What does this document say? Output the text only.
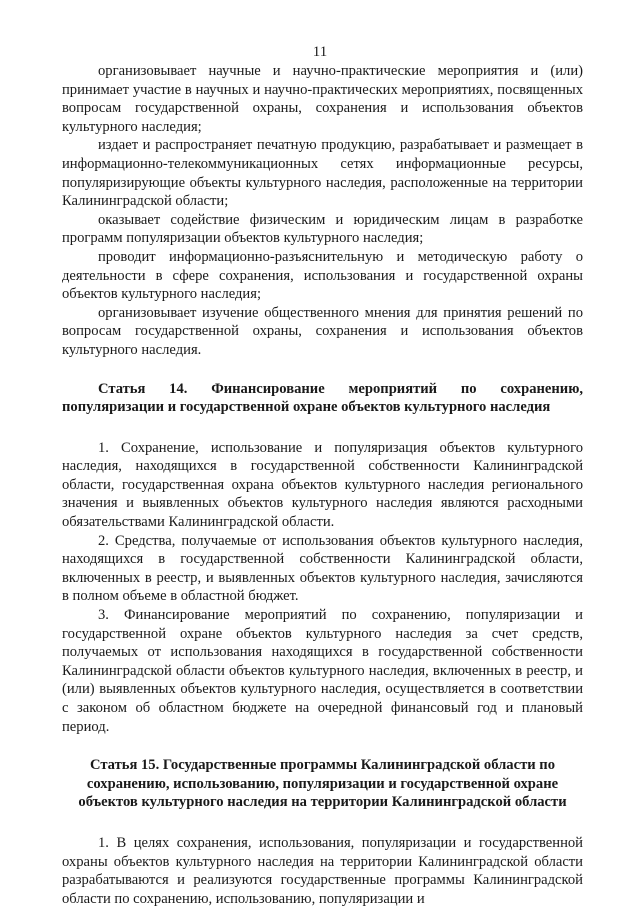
11

организовывает научные и научно-практические мероприятия и (или) принимает участие в научных и научно-практических мероприятиях, посвященных вопросам государственной охраны, сохранения и использования объектов культурного наследия;

издает и распространяет печатную продукцию, разрабатывает и размещает в информационно-телекоммуникационных сетях информационные ресурсы, популяризирующие объекты культурного наследия, расположенные на территории Калининградской области;

оказывает содействие физическим и юридическим лицам в разработке программ популяризации объектов культурного наследия;

проводит информационно-разъяснительную и методическую работу о деятельности в сфере сохранения, использования и государственной охраны объектов культурного наследия;

организовывает изучение общественного мнения для принятия решений по вопросам государственной охраны, сохранения и использования объектов культурного наследия.

Статья 14. Финансирование мероприятий по сохранению, популяризации и государственной охране объектов культурного наследия

1. Сохранение, использование и популяризация объектов культурного наследия, находящихся в государственной собственности Калининградской области, государственная охрана объектов культурного наследия регионального значения и выявленных объектов культурного наследия являются расходными обязательствами Калининградской области.

2. Средства, получаемые от использования объектов культурного наследия, находящихся в государственной собственности Калининградской области, включенных в реестр, и выявленных объектов культурного наследия, зачисляются в полном объеме в областной бюджет.

3. Финансирование мероприятий по сохранению, популяризации и государственной охране объектов культурного наследия за счет средств, получаемых от использования находящихся в государственной собственности Калининградской области объектов культурного наследия, включенных в реестр, и (или) выявленных объектов культурного наследия, осуществляется в соответствии с законом об областном бюджете на очередной финансовый год и плановый период.

Статья 15. Государственные программы Калининградской области по сохранению, использованию, популяризации и государственной охране объектов культурного наследия на территории Калининградской области

1. В целях сохранения, использования, популяризации и государственной охраны объектов культурного наследия на территории Калининградской области разрабатываются и реализуются государственные программы Калининградской области по сохранению, использованию, популяризации и
